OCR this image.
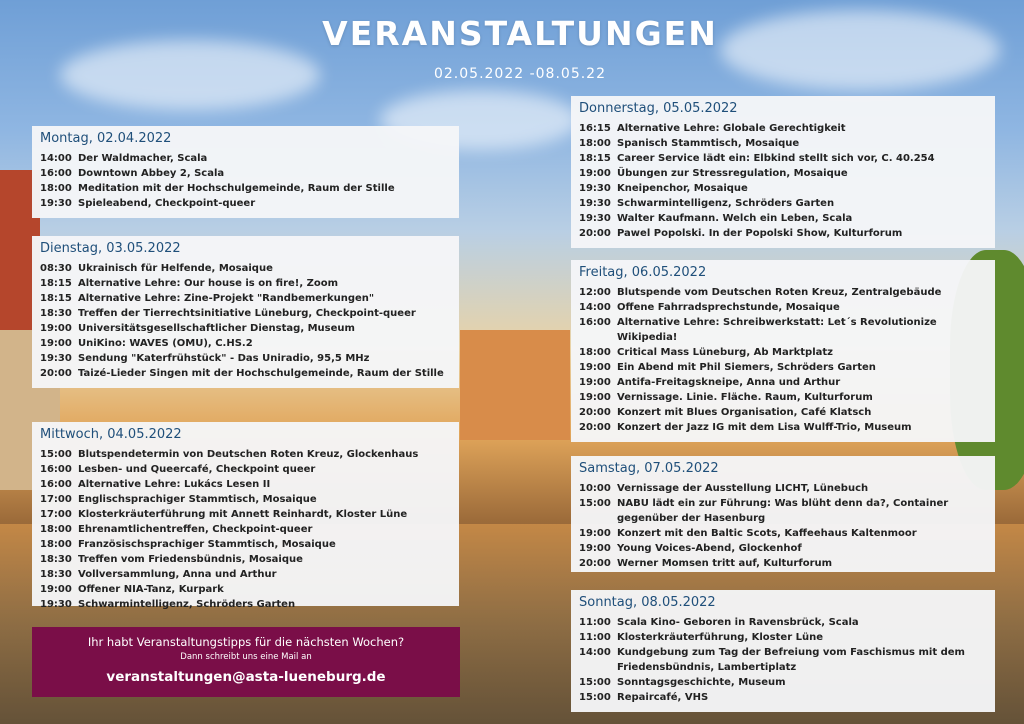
VERANSTALTUNGEN
02.05.2022 -08.05.22
Montag, 02.04.2022
14:00 Der Waldmacher, Scala
16:00 Downtown Abbey 2, Scala
18:00 Meditation mit der Hochschulgemeinde, Raum der Stille
19:30 Spieleabend, Checkpoint-queer
Dienstag, 03.05.2022
08:30 Ukrainisch für Helfende, Mosaique
18:15 Alternative Lehre: Our house is on fire!, Zoom
18:15 Alternative Lehre: Zine-Projekt "Randbemerkungen"
18:30 Treffen der Tierrechtsinitiative Lüneburg, Checkpoint-queer
19:00 Universitätsgesellschaftlicher Dienstag, Museum
19:00 UniKino: WAVES (OMU), C.HS.2
19:30 Sendung "Katerfrühstück" - Das Uniradio, 95,5 MHz
20:00 Taizé-Lieder Singen mit der Hochschulgemeinde, Raum der Stille
Mittwoch, 04.05.2022
15:00 Blutspendetermin von Deutschen Roten Kreuz, Glockenhaus
16:00 Lesben- und Queercafé, Checkpoint queer
16:00 Alternative Lehre: Lukács Lesen II
17:00 Englischsprachiger Stammtisch, Mosaique
17:00 Klosterkräuterführung mit Annett Reinhardt, Kloster Lüne
18:00 Ehrenamtlichentreffen, Checkpoint-queer
18:00 Französischsprachiger Stammtisch, Mosaique
18:30 Treffen vom Friedensbündnis, Mosaique
18:30 Vollversammlung, Anna und Arthur
19:00 Offener NIA-Tanz, Kurpark
19:30 Schwarmintelligenz, Schröders Garten
Ihr habt Veranstaltungstipps für die nächsten Wochen?
Dann schreibt uns eine Mail an
veranstaltungen@asta-lueneburg.de
Donnerstag, 05.05.2022
16:15 Alternative Lehre: Globale Gerechtigkeit
18:00 Spanisch Stammtisch, Mosaique
18:15 Career Service lädt ein: Elbkind stellt sich vor, C. 40.254
19:00 Übungen zur Stressregulation, Mosaique
19:30 Kneipenchor, Mosaique
19:30 Schwarmintelligenz, Schröders Garten
19:30 Walter Kaufmann. Welch ein Leben, Scala
20:00 Pawel Popolski. In der Popolski Show, Kulturforum
Freitag, 06.05.2022
12:00 Blutspende vom Deutschen Roten Kreuz, Zentralgebäude
14:00 Offene Fahrradsprechstunde, Mosaique
16:00 Alternative Lehre: Schreibwerkstatt: Let´s Revolutionize Wikipedia!
18:00 Critical Mass Lüneburg, Ab Marktplatz
19:00 Ein Abend mit Phil Siemers, Schröders Garten
19:00 Antifa-Freitagskneipe, Anna und Arthur
19:00 Vernissage. Linie. Fläche. Raum, Kulturforum
20:00 Konzert mit Blues Organisation, Café Klatsch
20:00 Konzert der Jazz IG mit dem Lisa Wulff-Trio, Museum
Samstag, 07.05.2022
10:00 Vernissage der Ausstellung LICHT, Lünebuch
15:00 NABU lädt ein zur Führung: Was blüht denn da?, Container gegenüber der Hasenburg
19:00 Konzert mit den Baltic Scots, Kaffeehaus Kaltenmoor
19:00 Young Voices-Abend, Glockenhof
20:00 Werner Momsen tritt auf, Kulturforum
Sonntag, 08.05.2022
11:00 Scala Kino- Geboren in Ravensbrück, Scala
11:00 Klosterkräuterführung, Kloster Lüne
14:00 Kundgebung zum Tag der Befreiung vom Faschismus mit dem Friedensbündnis, Lambertiplatz
15:00 Sonntagsgeschichte, Museum
15:00 Repaircafé, VHS
